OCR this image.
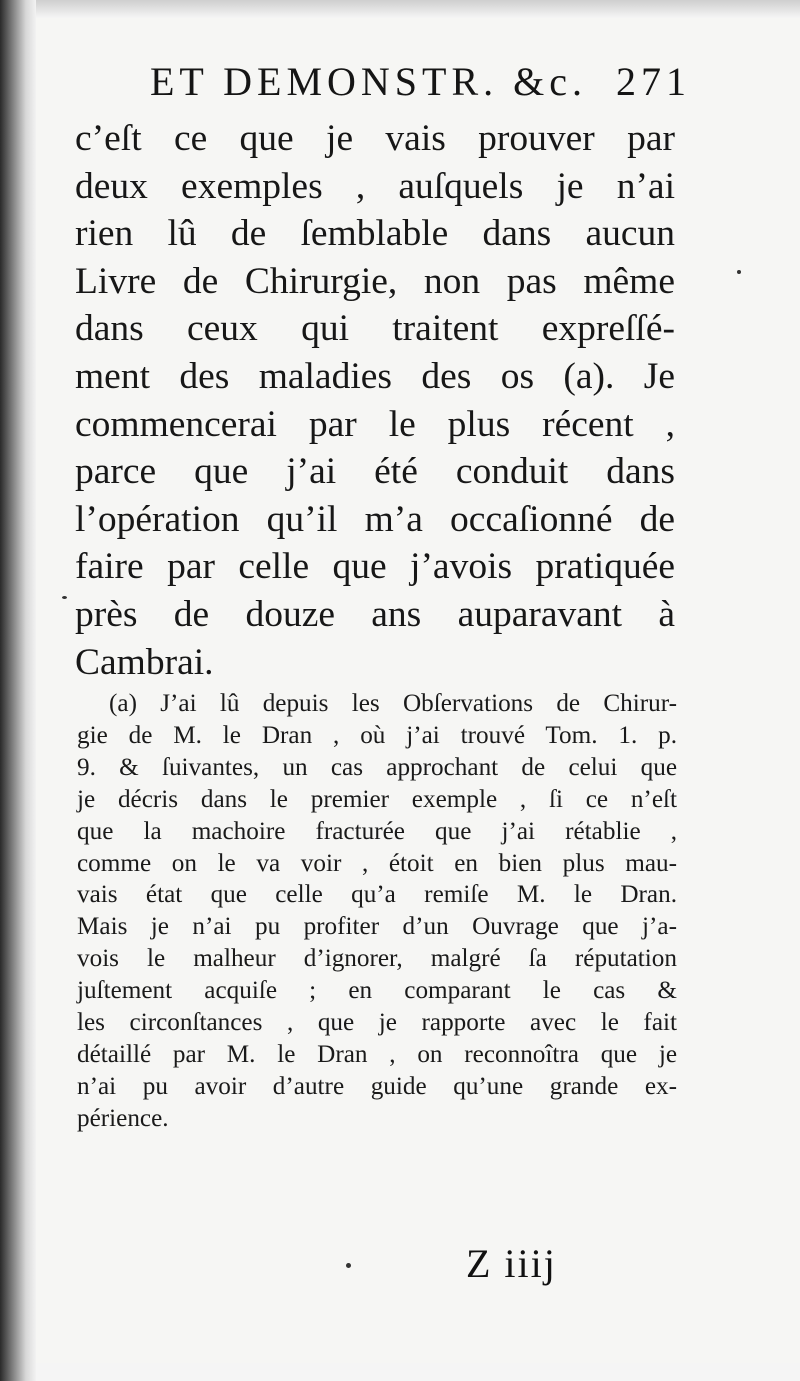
ET DEMONSTR. &c. 271
c’eſt ce que je vais prouver par
deux exemples , auſquels je n’ai
rien lû de ſemblable dans aucun
Livre de Chirurgie, non pas même
dans ceux qui traitent expreſſé-
ment des maladies des os (a). Je
commencerai par le plus récent ,
parce que j’ai été conduit dans
l’opération qu’il m’a occaſionné de
faire par celle que j’avois pratiquée
près de douze ans auparavant à
Cambrai.
(a) J’ai lû depuis les Obſervations de Chirur-
gie de M. le Dran , où j’ai trouvé Tom. 1. p.
9. & ſuivantes, un cas approchant de celui que
je décris dans le premier exemple , ſi ce n’eſt
que la machoire fracturée que j’ai rétablie ,
comme on le va voir , étoit en bien plus mau-
vais état que celle qu’a remiſe M. le Dran.
Mais je n’ai pu profiter d’un Ouvrage que j’a-
vois le malheur d’ignorer, malgré ſa réputation
juſtement acquiſe ; en comparant le cas &
les circonſtances , que je rapporte avec le fait
détaillé par M. le Dran , on reconnoîtra que je
n’ai pu avoir d’autre guide qu’une grande ex-
périence.
Z iiij
